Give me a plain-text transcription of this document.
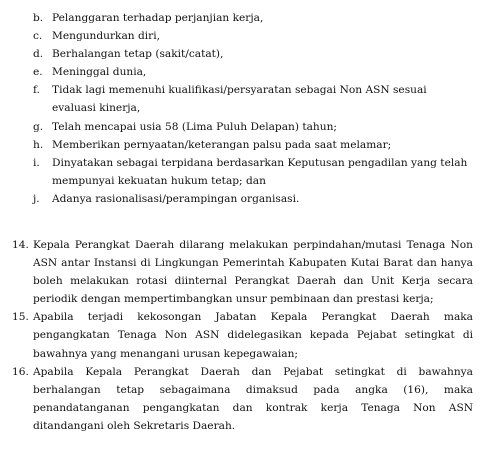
b. Pelanggaran terhadap perjanjian kerja,
c. Mengundurkan diri,
d. Berhalangan tetap (sakit/catat),
e. Meninggal dunia,
f. Tidak lagi memenuhi kualifikasi/persyaratan sebagai Non ASN sesuai evaluasi kinerja,
g. Telah mencapai usia 58 (Lima Puluh Delapan) tahun;
h. Memberikan pernyaatan/keterangan palsu pada saat melamar;
i. Dinyatakan sebagai terpidana berdasarkan Keputusan pengadilan yang telah mempunyai kekuatan hukum tetap; dan
j. Adanya rasionalisasi/perampingan organisasi.
14. Kepala Perangkat Daerah dilarang melakukan perpindahan/mutasi Tenaga Non ASN antar Instansi di Lingkungan Pemerintah Kabupaten Kutai Barat dan hanya boleh melakukan rotasi diinternal Perangkat Daerah dan Unit Kerja secara periodik dengan mempertimbangkan unsur pembinaan dan prestasi kerja;
15. Apabila terjadi kekosongan Jabatan Kepala Perangkat Daerah maka pengangkatan Tenaga Non ASN didelegasikan kepada Pejabat setingkat di bawahnya yang menangani urusan kepegawaian;
16. Apabila Kepala Perangkat Daerah dan Pejabat setingkat di bawahnya berhalangan tetap sebagaimana dimaksud pada angka (16), maka penandatanganan pengangkatan dan kontrak kerja Tenaga Non ASN ditandangani oleh Sekretaris Daerah.
